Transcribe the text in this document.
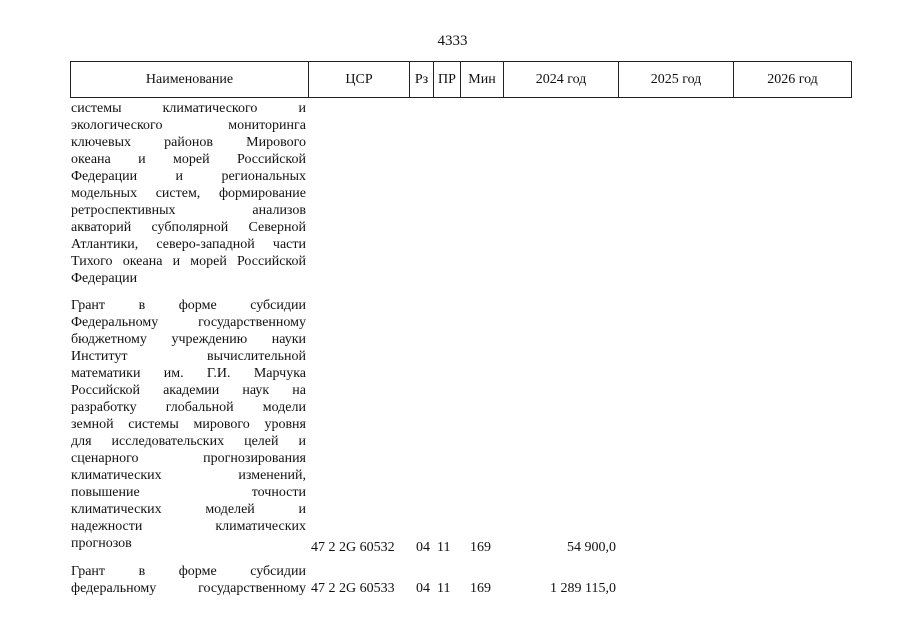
4333
Наименование	ЦСР	Рз ПР Мин	2024 год	2025 год	2026 год
системы климатического и
экологического мониторинга
ключевых районов Мирового
океана и морей Российской
Федерации и региональных
модельных систем, формирование
ретроспективных анализов
акваторий субполярной Северной
Атлантики, северо-западной части
Тихого океана и морей Российской
Федерации
Грант в форме субсидии
Федеральному государственному
бюджетному учреждению науки
Институт вычислительной
математики им. Г.И. Марчука
Российской академии наук на
разработку глобальной модели
земной системы мирового уровня
для исследовательских целей и
сценарного прогнозирования
климатических изменений,
повышение точности
климатических моделей и
надежности климатических
прогнозов	47 2 2G 60532 04 11 169	54 900,0
Грант в форме субсидии
федеральному государственному 47 2 2G 60533 04 11 169	1 289 115,0
